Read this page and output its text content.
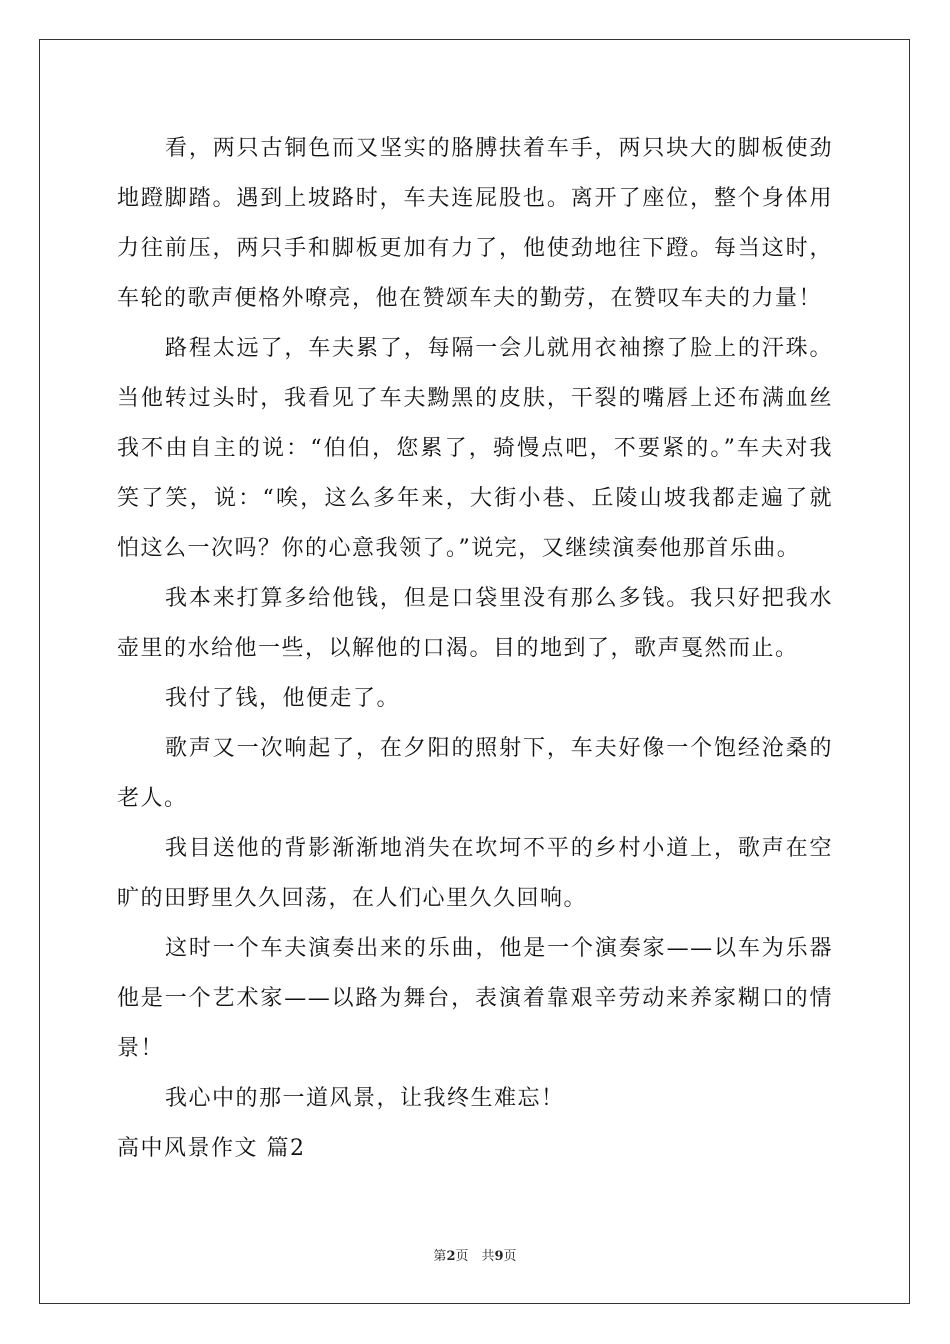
看，两只古铜色而又坚实的胳膊扶着车手，两只块大的脚板使劲地蹬脚踏。遇到上坡路时，车夫连屁股也。离开了座位，整个身体用力往前压，两只手和脚板更加有力了，他使劲地往下蹬。每当这时，车轮的歌声便格外嘹亮，他在赞颂车夫的勤劳，在赞叹车夫的力量！

路程太远了，车夫累了，每隔一会儿就用衣袖擦了脸上的汗珠。当他转过头时，我看见了车夫黝黑的皮肤，干裂的嘴唇上还布满血丝我不由自主的说：“伯伯，您累了，骑慢点吧，不要紧的。”车夫对我笑了笑，说：“唉，这么多年来，大街小巷、丘陵山坡我都走遍了就怕这么一次吗？你的心意我领了。”说完，又继续演奏他那首乐曲。

我本来打算多给他钱，但是口袋里没有那么多钱。我只好把我水壶里的水给他一些，以解他的口渴。目的地到了，歌声戛然而止。

我付了钱，他便走了。

歌声又一次响起了，在夕阳的照射下，车夫好像一个饱经沧桑的老人。

我目送他的背影渐渐地消失在坎坷不平的乡村小道上，歌声在空旷的田野里久久回荡，在人们心里久久回响。

这时一个车夫演奏出来的乐曲，他是一个演奏家——以车为乐器他是一个艺术家——以路为舞台，表演着靠艰辛劳动来养家糊口的情景！

我心中的那一道风景，让我终生难忘！

高中风景作文 篇2

第2页　共9页
